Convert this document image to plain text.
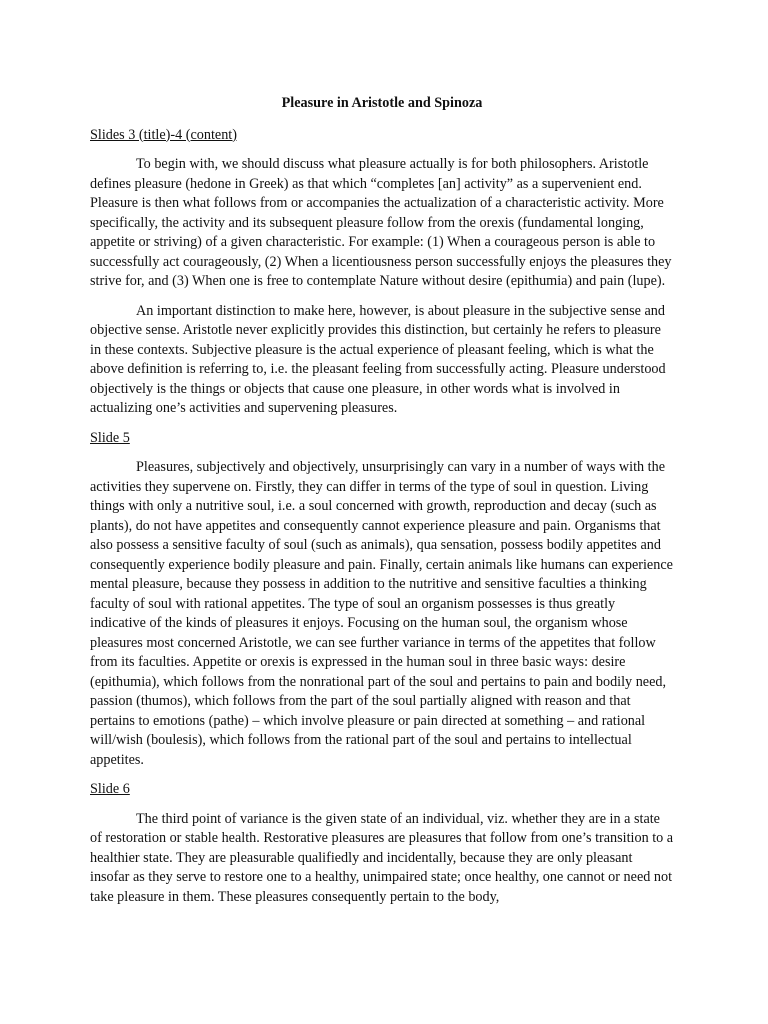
Pleasure in Aristotle and Spinoza
Slides 3 (title)-4 (content)

To begin with, we should discuss what pleasure actually is for both philosophers. Aristotle defines pleasure (hedone in Greek) as that which “completes [an] activity” as a supervenient end. Pleasure is then what follows from or accompanies the actualization of a characteristic activity. More specifically, the activity and its subsequent pleasure follow from the orexis (fundamental longing, appetite or striving) of a given characteristic. For example: (1) When a courageous person is able to successfully act courageously, (2) When a licentiousness person successfully enjoys the pleasures they strive for, and (3) When one is free to contemplate Nature without desire (epithumia) and pain (lupe).

An important distinction to make here, however, is about pleasure in the subjective sense and objective sense. Aristotle never explicitly provides this distinction, but certainly he refers to pleasure in these contexts. Subjective pleasure is the actual experience of pleasant feeling, which is what the above definition is referring to, i.e. the pleasant feeling from successfully acting. Pleasure understood objectively is the things or objects that cause one pleasure, in other words what is involved in actualizing one’s activities and supervening pleasures.

Slide 5

Pleasures, subjectively and objectively, unsurprisingly can vary in a number of ways with the activities they supervene on. Firstly, they can differ in terms of the type of soul in question. Living things with only a nutritive soul, i.e. a soul concerned with growth, reproduction and decay (such as plants), do not have appetites and consequently cannot experience pleasure and pain. Organisms that also possess a sensitive faculty of soul (such as animals), qua sensation, possess bodily appetites and consequently experience bodily pleasure and pain. Finally, certain animals like humans can experience mental pleasure, because they possess in addition to the nutritive and sensitive faculties a thinking faculty of soul with rational appetites. The type of soul an organism possesses is thus greatly indicative of the kinds of pleasures it enjoys. Focusing on the human soul, the organism whose pleasures most concerned Aristotle, we can see further variance in terms of the appetites that follow from its faculties. Appetite or orexis is expressed in the human soul in three basic ways: desire (epithumia), which follows from the nonrational part of the soul and pertains to pain and bodily need, passion (thumos), which follows from the part of the soul partially aligned with reason and that pertains to emotions (pathe) – which involve pleasure or pain directed at something – and rational will/wish (boulesis), which follows from the rational part of the soul and pertains to intellectual appetites.

Slide 6

The third point of variance is the given state of an individual, viz. whether they are in a state of restoration or stable health. Restorative pleasures are pleasures that follow from one’s transition to a healthier state. They are pleasurable qualifiedly and incidentally, because they are only pleasant insofar as they serve to restore one to a healthy, unimpaired state; once healthy, one cannot or need not take pleasure in them. These pleasures consequently pertain to the body,
